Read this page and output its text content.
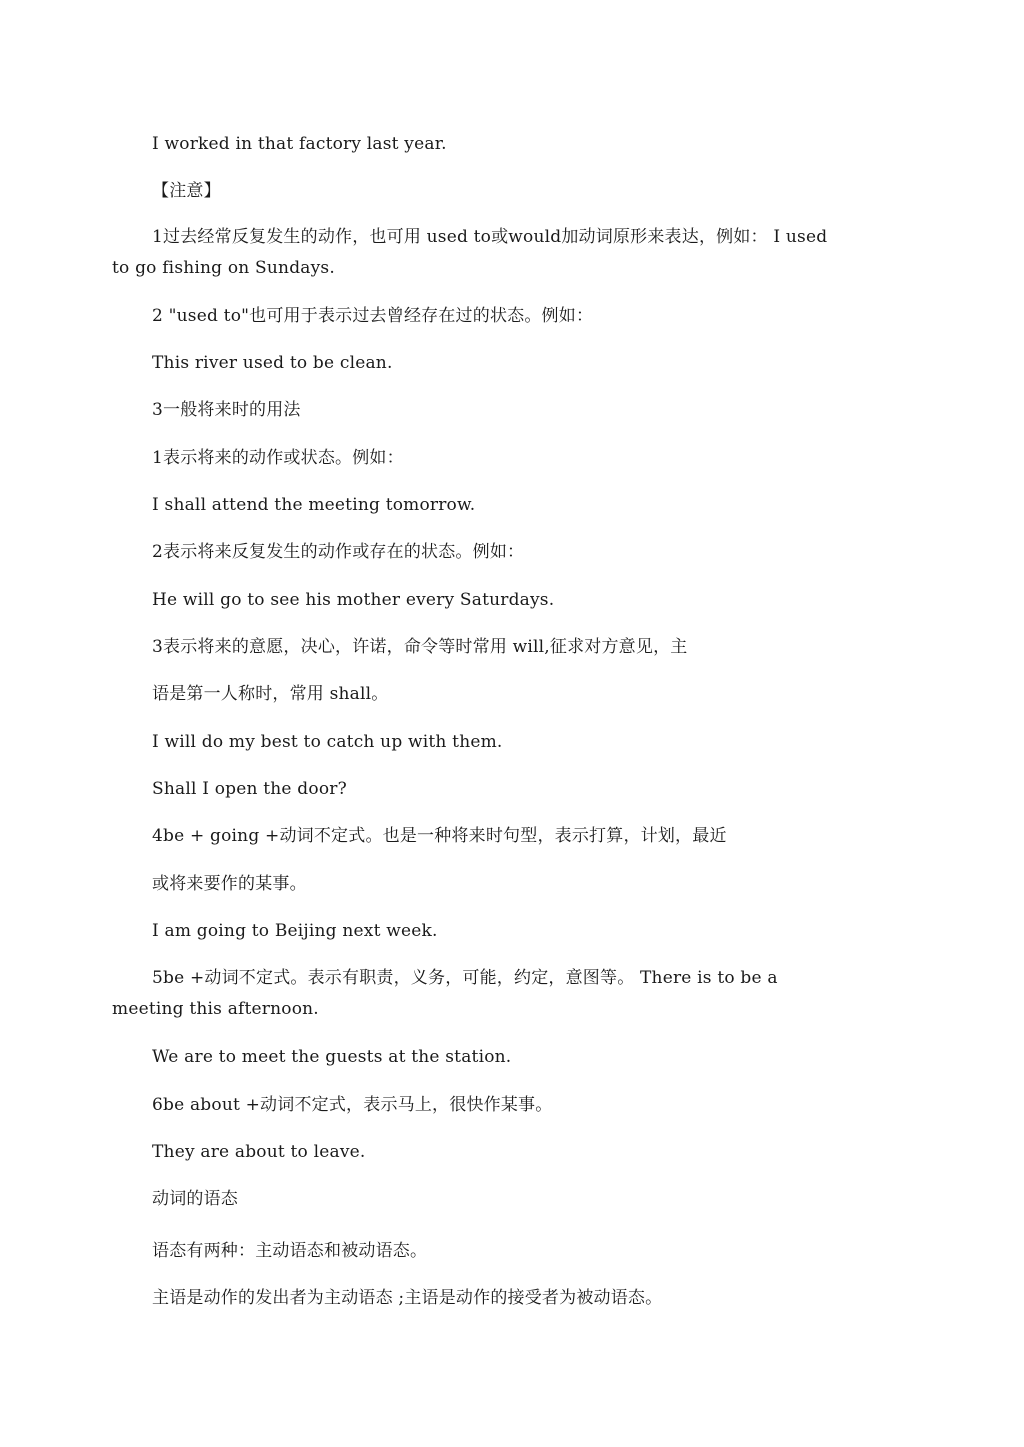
I worked in that factory last year.
【注意】
1过去经常反复发生的动作，也可用 used to或would加动词原形来表达，例如： I used
to go fishing on Sundays.
2 "used to"也可用于表示过去曾经存在过的状态。例如：
This river used to be clean.
3一般将来时的用法
1表示将来的动作或状态。例如：
I shall attend the meeting tomorrow.
2表示将来反复发生的动作或存在的状态。例如：
He will go to see his mother every Saturdays.
3表示将来的意愿，决心，许诺，命令等时常用 will,征求对方意见，主
语是第一人称时，常用 shall。
I will do my best to catch up with them.
Shall I open the door?
4be + going +动词不定式。也是一种将来时句型，表示打算，计划，最近
或将来要作的某事。
I am going to Beijing next week.
5be +动词不定式。表示有职责，义务，可能，约定，意图等。 There is to be a
meeting this afternoon.
We are to meet the guests at the station.
6be about +动词不定式，表示马上，很快作某事。
They are about to leave.
动词的语态
语态有两种：主动语态和被动语态。
主语是动作的发出者为主动语态 ;主语是动作的接受者为被动语态。
